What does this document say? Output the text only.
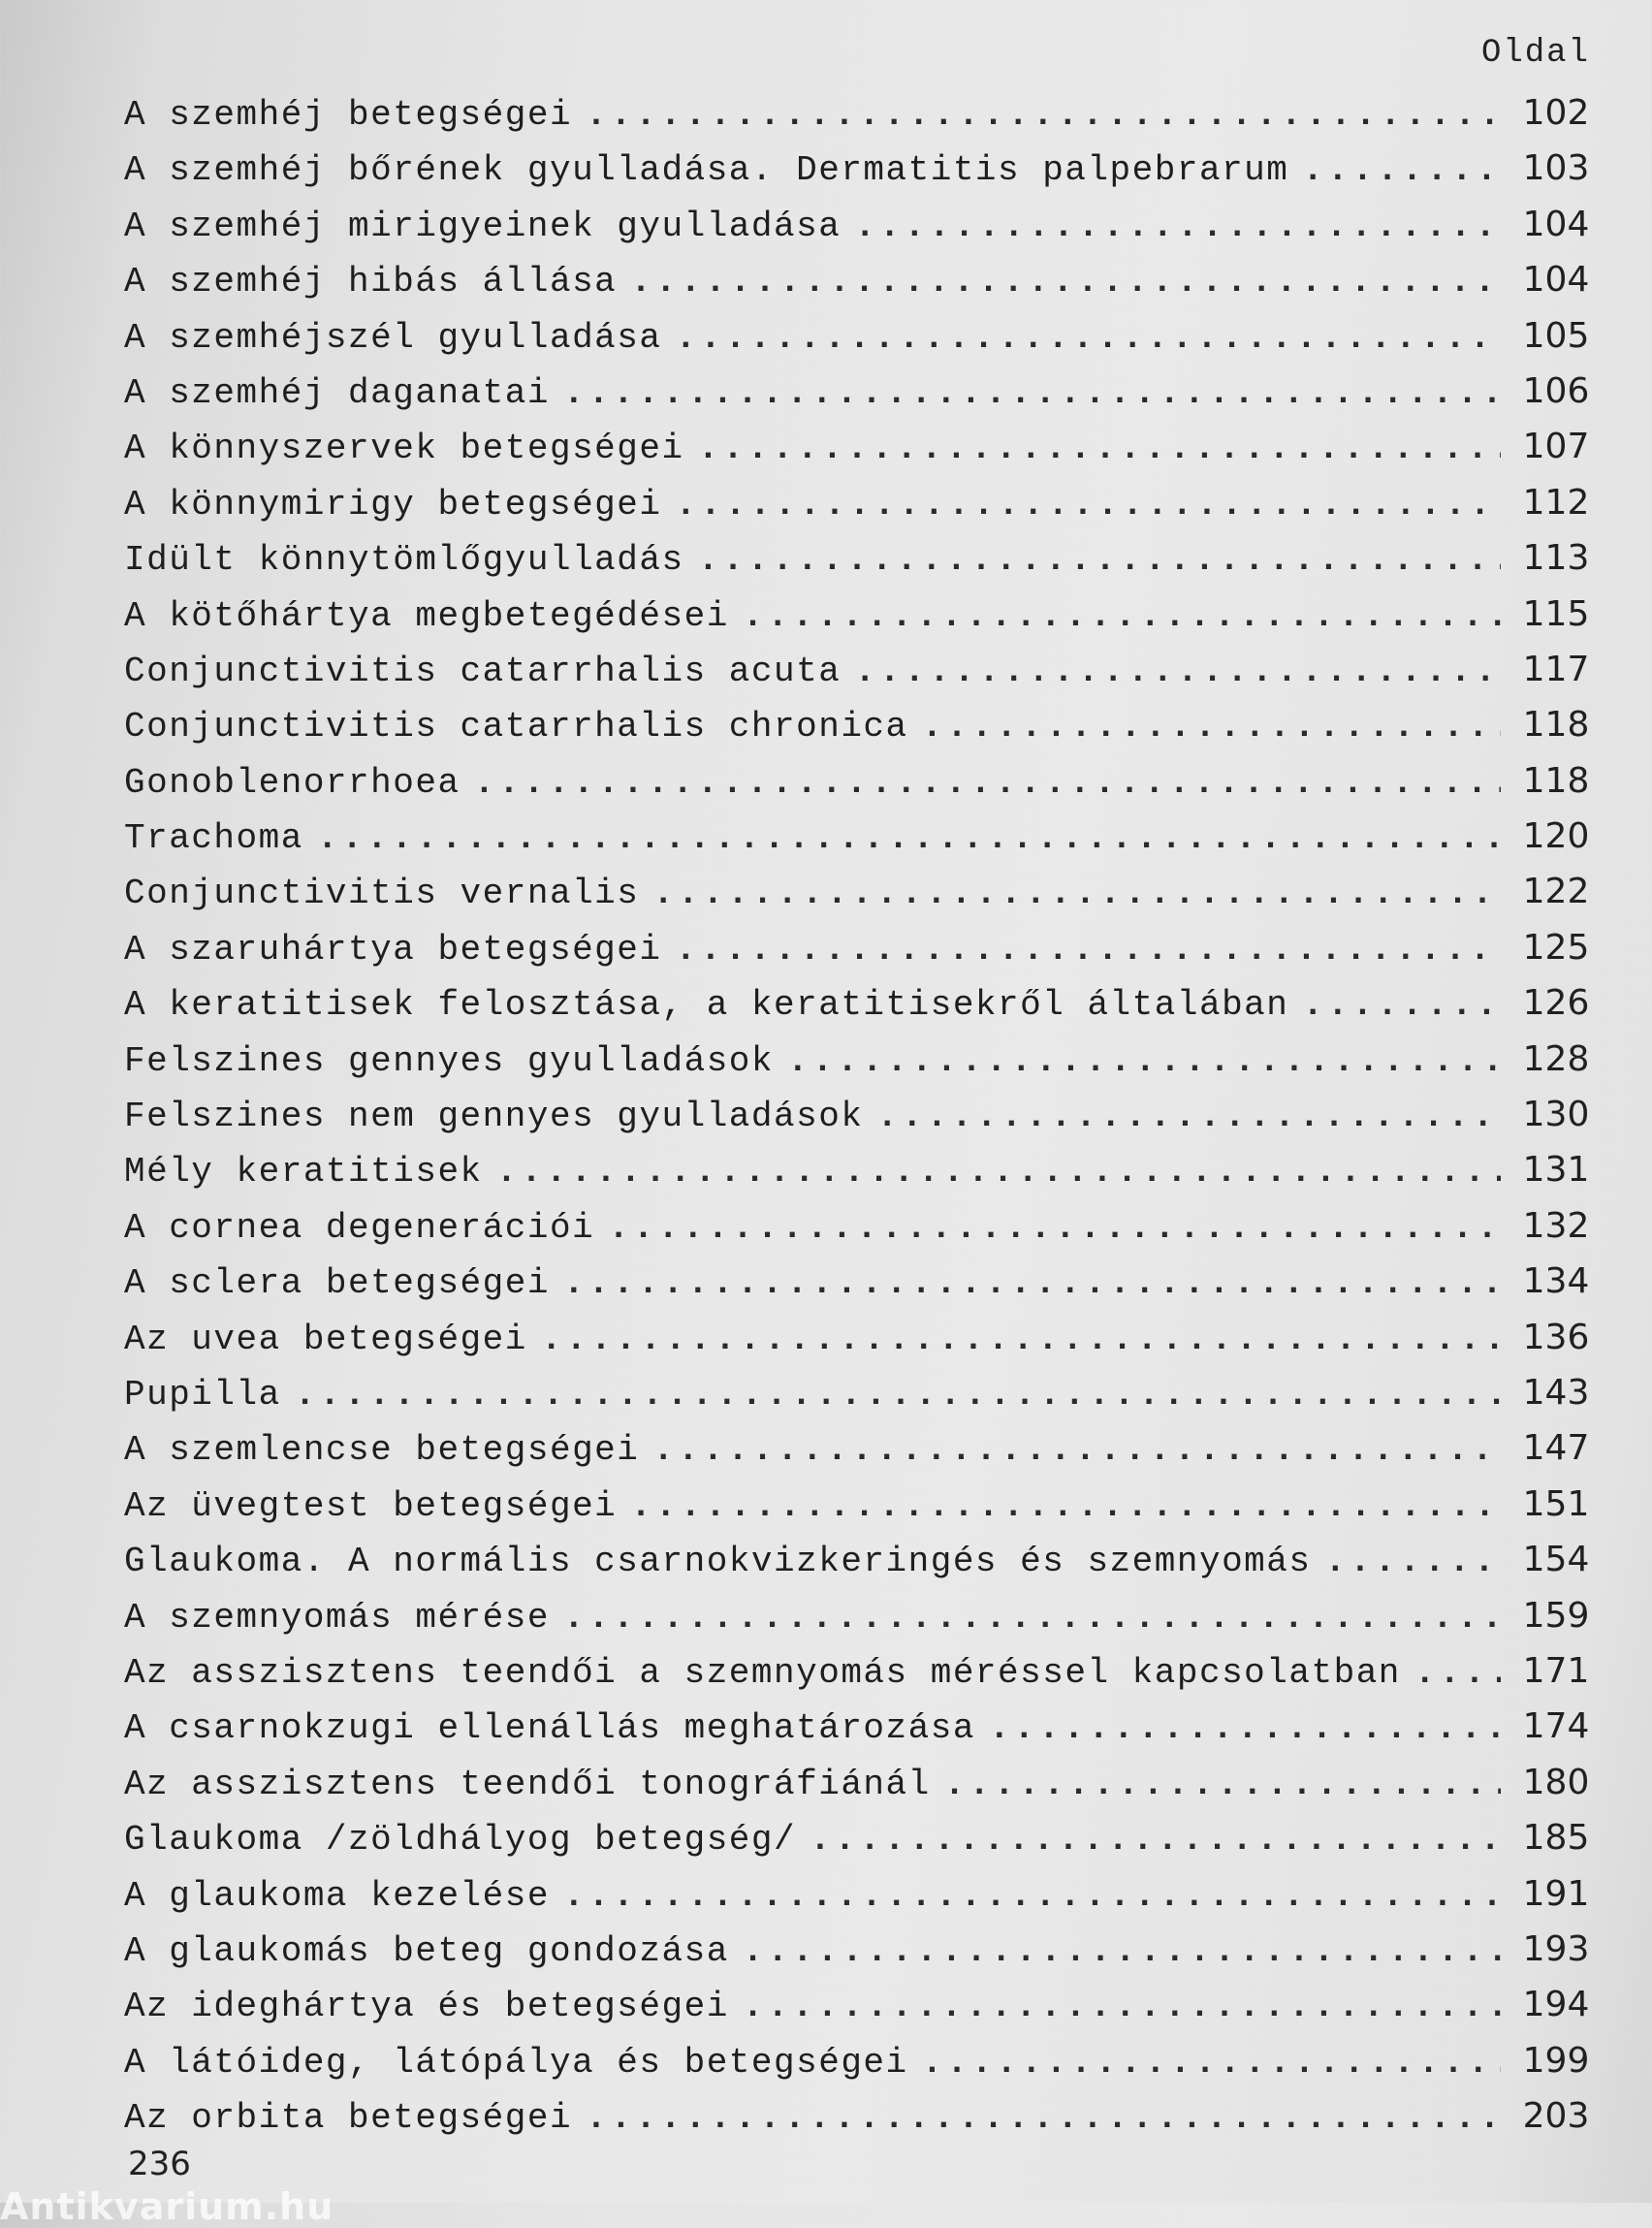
Oldal
A szemhéj betegségei .....	102
A szemhéj bőrének gyulladása. Dermatitis palpebrarum .....	103
A szemhéj mirigyeinek gyulladása .....	104
A szemhéj hibás állása .....	104
A szemhéjszél gyulladása .....	105
A szemhéj daganatai .....	106
A könnyszervek betegségei .....	107
A könnymirigy betegségei .....	112
Idült könnytömlőgyulladás .....	113
A kötőhártya megbetegédései .....	115
Conjunctivitis catarrhalis acuta .....	117
Conjunctivitis catarrhalis chronica .....	118
Gonoblenorrhoea .....	118
Trachoma .....	120
Conjunctivitis vernalis .....	122
A szaruhártya betegségei .....	125
A keratitisek felosztása, a keratitisekről általában .....	126
Felszines gennyes gyulladások .....	128
Felszines nem gennyes gyulladások .....	130
Mély keratitisek .....	131
A cornea degenerációi .....	132
A sclera betegségei .....	134
Az uvea betegségei .....	136
Pupilla .....	143
A szemlencse betegségei .....	147
Az üvegtest betegségei .....	151
Glaukoma. A normális csarnokvizkeringés és szemnyomás .....	154
A szemnyomás mérése .....	159
Az asszisztens teendői a szemnyomás méréssel kapcsolatban .....	171
A csarnokzugi ellenállás meghatározása .....	174
Az asszisztens teendői tonográfiánál .....	180
Glaukoma /zöldhályog betegség/ .....	185
A glaukoma kezelése .....	191
A glaukomás beteg gondozása .....	193
Az ideghártya és betegségei .....	194
A látóideg, látópálya és betegségei .....	199
Az orbita betegségei .....	203
236
Antikvarium.hu
